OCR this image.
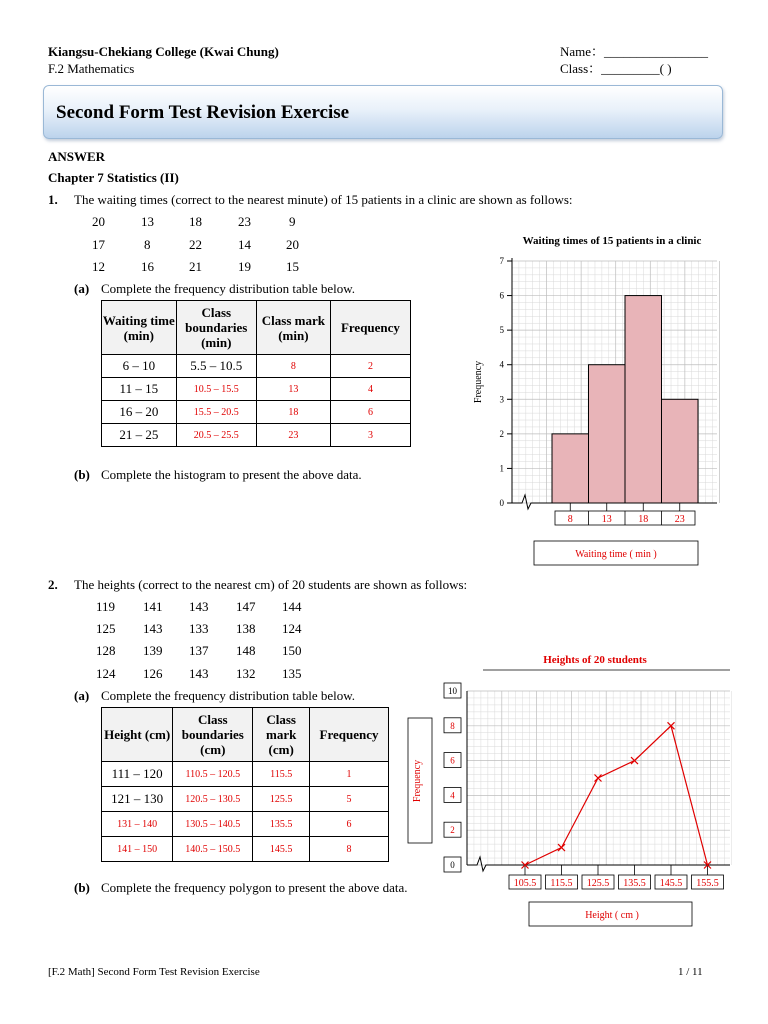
Kiangsu-Chekiang College (Kwai Chung)
F.2 Mathematics
Name：________________
Class：_________( )
Second Form Test Revision Exercise
ANSWER
Chapter 7 Statistics (II)
1. The waiting times (correct to the nearest minute) of 15 patients in a clinic are shown as follows:
20	13	18	23	9
17	8	22	14	20
12	16	21	19	15
(a) Complete the frequency distribution table below.
Waiting time (min)	Class boundaries (min)	Class mark (min)	Frequency
6 – 10	5.5 – 10.5	8	2
11 – 15	10.5 – 15.5	13	4
16 – 20	15.5 – 20.5	18	6
21 – 25	20.5 – 25.5	23	3
(b) Complete the histogram to present the above data.
Waiting times of 15 patients in a clinic
0
1
2
3
4
5
6
7
Frequency
8	13	18	23
Waiting time ( min )
2. The heights (correct to the nearest cm) of 20 students are shown as follows:
119 141 143 147 144
125 143 133 138 124
128 139 137 148 150
124 126 143 132 135
(a) Complete the frequency distribution table below.
Height (cm)	Class boundaries (cm)	Class mark (cm)	Frequency
111 – 120	110.5 – 120.5	115.5	1
121 – 130	120.5 – 130.5	125.5	5
131 – 140	130.5 – 140.5	135.5	6
141 – 150	140.5 – 150.5	145.5	8
(b) Complete the frequency polygon to present the above data.
Heights of 20 students
0
2
4
6
8
10
Frequency
105.5 115.5 125.5 135.5 145.5 155.5
Height ( cm )
[F.2 Math] Second Form Test Revision Exercise	1 / 11
